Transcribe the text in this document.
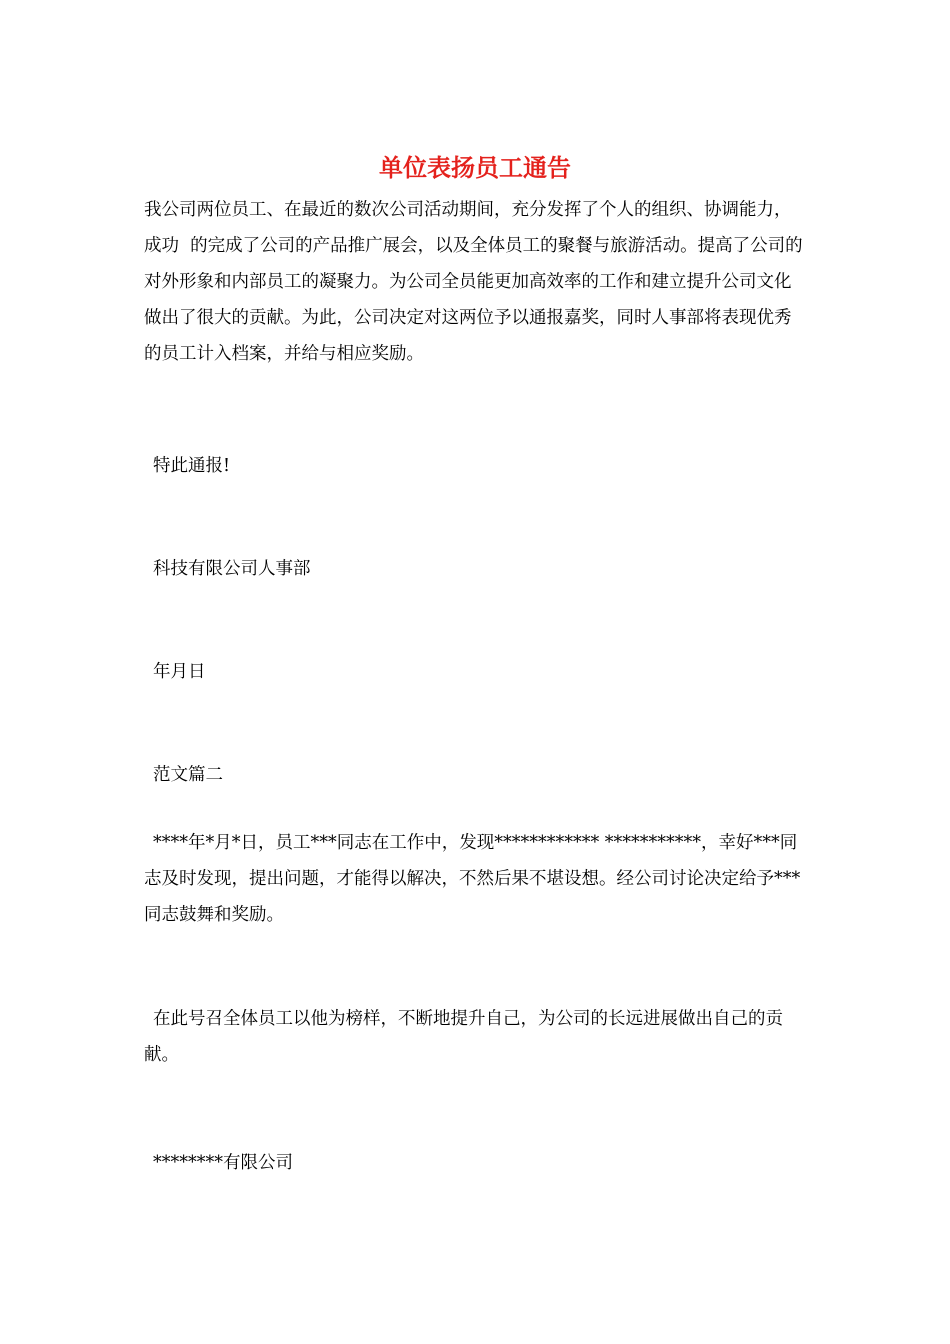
单位表扬员工通告

我公司两位员工、在最近的数次公司活动期间，充分发挥了个人的组织、协调能力，成功  的完成了公司的产品推广展会，以及全体员工的聚餐与旅游活动。提高了公司的对外形象和内部员工的凝聚力。为公司全员能更加高效率的工作和建立提升公司文化做出了很大的贡献。为此，公司决定对这两位予以通报嘉奖，同时人事部将表现优秀的员工计入档案，并给与相应奖励。

特此通报!

科技有限公司人事部

年月日

范文篇二

****年*月*日，员工***同志在工作中，发现************ ***********，幸好***同志及时发现，提出问题，才能得以解决，不然后果不堪设想。经公司讨论决定给予***同志鼓舞和奖励。

在此号召全体员工以他为榜样，不断地提升自己，为公司的长远进展做出自己的贡献。

********有限公司
